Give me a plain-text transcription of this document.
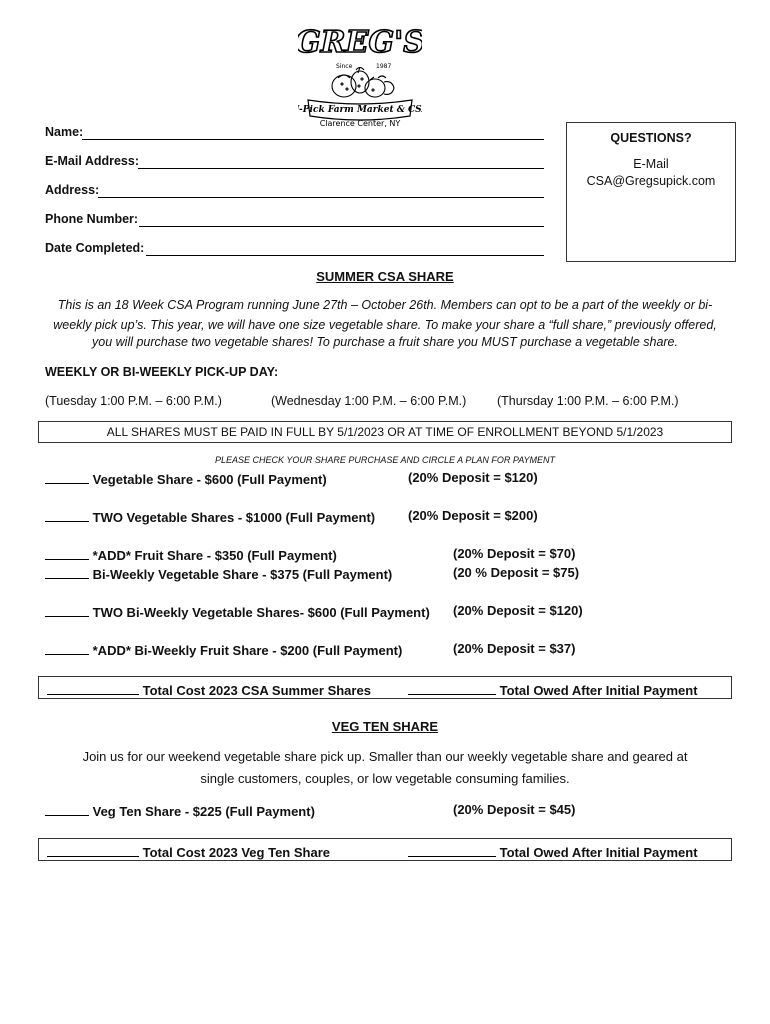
GREG'S
Since	1987
U-Pick Farm Market & CSA
Clarence Center, NY
Name:
E-Mail Address:
Address:
Phone Number:
Date Completed:
QUESTIONS?
E-Mail
CSA@Gregsupick.com
SUMMER CSA SHARE
This is an 18 Week CSA Program running June 27th – October 26th. Members can opt to be a part of the weekly or bi-
weekly pick up’s. This year, we will have one size vegetable share. To make your share a “full share,” previously offered,
you will purchase two vegetable shares! To purchase a fruit share you MUST purchase a vegetable share.
WEEKLY OR BI-WEEKLY PICK-UP DAY:
(Tuesday 1:00 P.M. – 6:00 P.M.)	(Wednesday 1:00 P.M. – 6:00 P.M.) (Thursday 1:00 P.M. – 6:00 P.M.)
ALL SHARES MUST BE PAID IN FULL BY 5/1/2023 OR AT TIME OF ENROLLMENT BEYOND 5/1/2023
PLEASE CHECK YOUR SHARE PURCHASE AND CIRCLE A PLAN FOR PAYMENT
Vegetable Share - $600 (Full Payment)	(20% Deposit = $120)
TWO Vegetable Shares - $1000 (Full Payment)	(20% Deposit = $200)
*ADD* Fruit Share - $350 (Full Payment)	(20% Deposit = $70)
Bi-Weekly Vegetable Share - $375 (Full Payment)	(20 % Deposit = $75)
TWO Bi-Weekly Vegetable Shares- $600 (Full Payment) (20% Deposit = $120)
*ADD* Bi-Weekly Fruit Share - $200 (Full Payment)	(20% Deposit = $37)
Total Cost 2023 CSA Summer Shares	Total Owed After Initial Payment
VEG TEN SHARE
Join us for our weekend vegetable share pick up. Smaller than our weekly vegetable share and geared at
single customers, couples, or low vegetable consuming families.
Veg Ten Share - $225 (Full Payment)	(20% Deposit = $45)
Total Cost 2023 Veg Ten Share	Total Owed After Initial Payment
